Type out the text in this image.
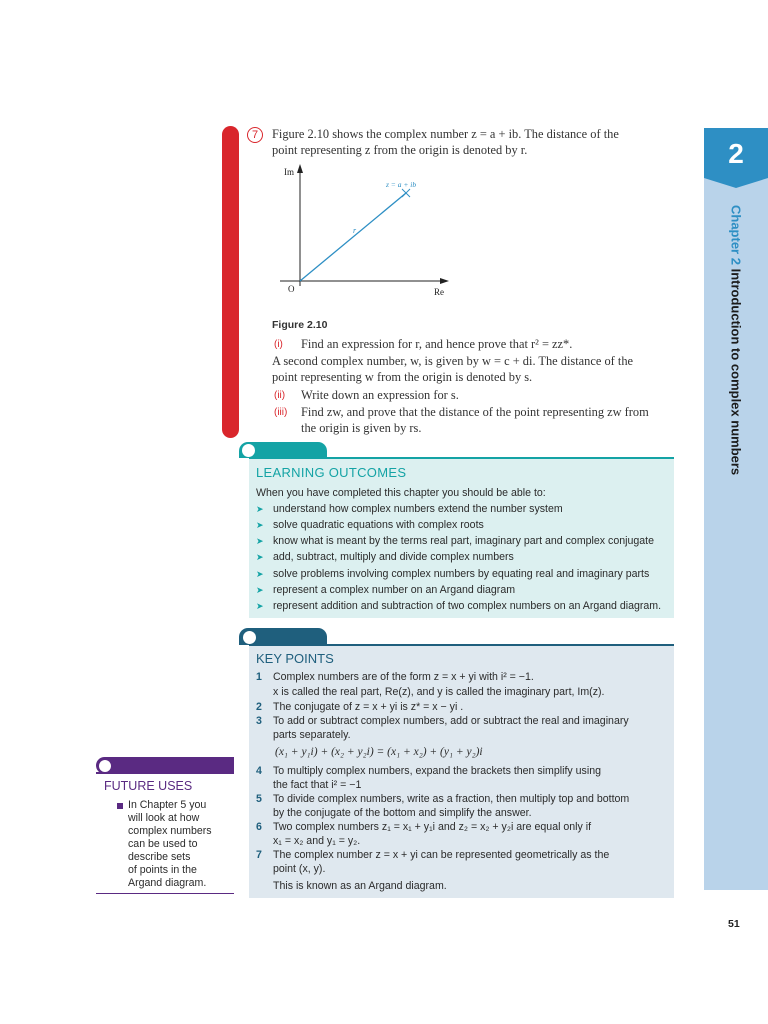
2
Chapter 2 Introduction to complex numbers
7	Figure 2.10 shows the complex number z = a + ib. The distance of the
point representing z from the origin is denoted by r.
Im
Re
O
z = a + ib
r
Figure 2.10
(i) Find an expression for r, and hence prove that r² = zz*.
A second complex number, w, is given by w = c + di. The distance of the
point representing w from the origin is denoted by s.
(ii) Write down an expression for s.
(iii) Find zw, and prove that the distance of the point representing zw from
the origin is given by rs.
LEARNING OUTCOMES
When you have completed this chapter you should be able to:
➤ understand how complex numbers extend the number system
➤ solve quadratic equations with complex roots
➤ know what is meant by the terms real part, imaginary part and complex conjugate
➤ add, subtract, multiply and divide complex numbers
➤ solve problems involving complex numbers by equating real and imaginary parts
➤ represent a complex number on an Argand diagram
➤ represent addition and subtraction of two complex numbers on an Argand diagram.
KEY POINTS
1 Complex numbers are of the form z = x + yi with i² = −1.
x is called the real part, Re(z), and y is called the imaginary part, Im(z).
2 The conjugate of z = x + yi is z* = x − yi .
3 To add or subtract complex numbers, add or subtract the real and imaginary
parts separately.
(x₁ + y₁i) + (x₂ + y₂i) = (x₁ + x₂) + (y₁ + y₂)i
4 To multiply complex numbers, expand the brackets then simplify using
the fact that i² = −1
5 To divide complex numbers, write as a fraction, then multiply top and bottom
by the conjugate of the bottom and simplify the answer.
6 Two complex numbers z₁ = x₁ + y₁i and z₂ = x₂ + y₂i are equal only if
x₁ = x₂ and y₁ = y₂.
7 The complex number z = x + yi can be represented geometrically as the
point (x, y).
This is known as an Argand diagram.
FUTURE USES
In Chapter 5 you
will look at how
complex numbers
can be used to
describe sets
of points in the
Argand diagram.
51
